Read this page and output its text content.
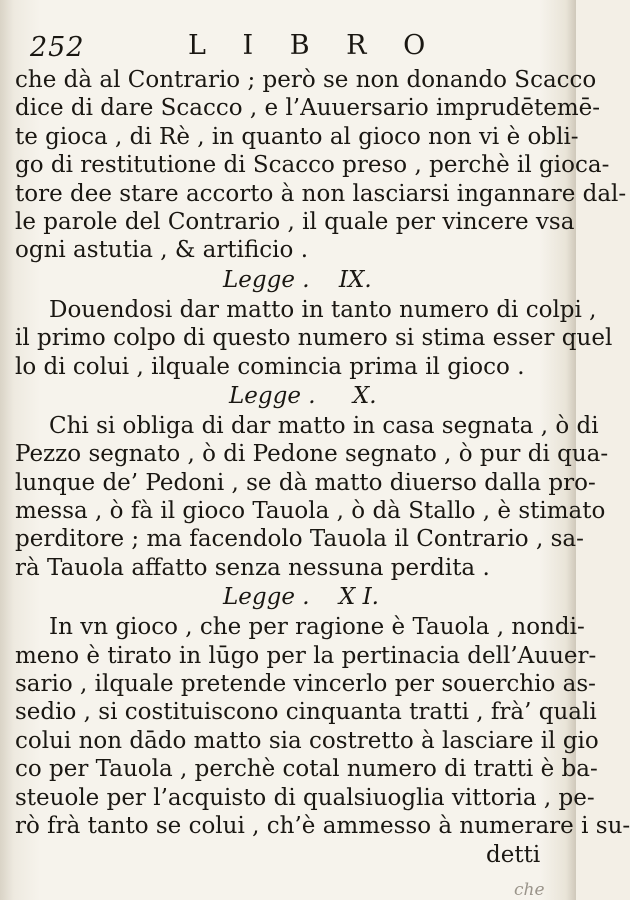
252	L I B R O
che dà al Contrario ; però se non donando Scacco
dice di dare Scacco , e l’Auuersario imprudētemē-
te gioca , di Rè , in quanto al gioco non vi è obli-
go di restitutione di Scacco preso , perchè il gioca-
tore dee stare accorto à non lasciarsi ingannare dal-
le parole del Contrario , il quale per vincere vsa
ogni astutia , & artificio .
Legge . IX.
Douendosi dar matto in tanto numero di colpi ,
il primo colpo di questo numero si stima esser quel
lo di colui , ilquale comincia prima il gioco .
Legge . X.
Chi si obliga di dar matto in casa segnata , ò di
Pezzo segnato , ò di Pedone segnato , ò pur di qua-
lunque de’ Pedoni , se dà matto diuerso dalla pro-
messa , ò fà il gioco Tauola , ò dà Stallo , è stimato
perditore ; ma facendolo Tauola il Contrario , sa-
rà Tauola affatto senza nessuna perdita .
Legge . X I.
In vn gioco , che per ragione è Tauola , nondi-
meno è tirato in lūgo per la pertinacia dell’Auuer-
sario , ilquale pretende vincerlo per souerchio as-
sedio , si costituiscono cinquanta tratti , frà’ quali
colui non dādo matto sia costretto à lasciare il gio
co per Tauola , perchè cotal numero di tratti è ba-
steuole per l’acquisto di qualsiuoglia vittoria , pe-
rò frà tanto se colui , ch’è ammesso à numerare i su-
detti
che
